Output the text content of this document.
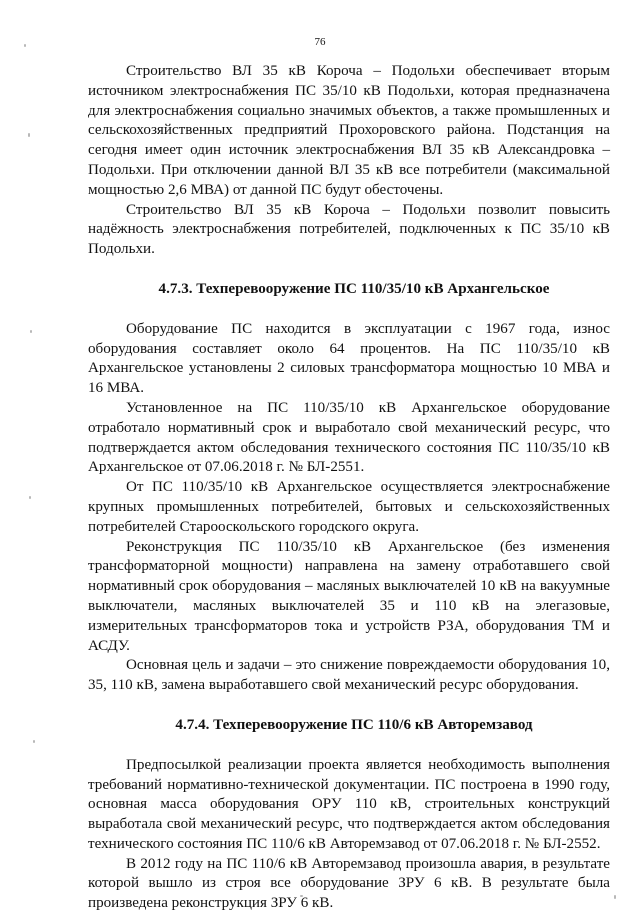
76

Строительство ВЛ 35 кВ Короча – Подольхи обеспечивает вторым источником электроснабжения ПС 35/10 кВ Подольхи, которая предназначена для электроснабжения социально значимых объектов, а также промышленных и сельскохозяйственных предприятий Прохоровского района. Подстанция на сегодня имеет один источник электроснабжения ВЛ 35 кВ Александровка – Подольхи. При отключении данной ВЛ 35 кВ все потребители (максимальной мощностью 2,6 МВА) от данной ПС будут обесточены.

Строительство ВЛ 35 кВ Короча – Подольхи позволит повысить надёжность электроснабжения потребителей, подключенных к ПС 35/10 кВ Подольхи.

4.7.3. Техперевооружение ПС 110/35/10 кВ Архангельское

Оборудование ПС находится в эксплуатации с 1967 года, износ оборудования составляет около 64 процентов. На ПС 110/35/10 кВ Архангельское установлены 2 силовых трансформатора мощностью 10 МВА и 16 МВА.

Установленное на ПС 110/35/10 кВ Архангельское оборудование отработало нормативный срок и выработало свой механический ресурс, что подтверждается актом обследования технического состояния ПС 110/35/10 кВ Архангельское от 07.06.2018 г. № БЛ-2551.

От ПС 110/35/10 кВ Архангельское осуществляется электроснабжение крупных промышленных потребителей, бытовых и сельскохозяйственных потребителей Старооскольского городского округа.

Реконструкция ПС 110/35/10 кВ Архангельское (без изменения трансформаторной мощности) направлена на замену отработавшего свой нормативный срок оборудования – масляных выключателей 10 кВ на вакуумные выключатели, масляных выключателей 35 и 110 кВ на элегазовые, измерительных трансформаторов тока и устройств РЗА, оборудования ТМ и АСДУ.

Основная цель и задачи – это снижение повреждаемости оборудования 10, 35, 110 кВ, замена выработавшего свой механический ресурс оборудования.

4.7.4. Техперевооружение ПС 110/6 кВ Авторемзавод

Предпосылкой реализации проекта является необходимость выполнения требований нормативно-технической документации. ПС построена в 1990 году, основная масса оборудования ОРУ 110 кВ, строительных конструкций выработала свой механический ресурс, что подтверждается актом обследования технического состояния ПС 110/6 кВ Авторемзавод от 07.06.2018 г. № БЛ-2552.

В 2012 году на ПС 110/6 кВ Авторемзавод произошла авария, в результате которой вышло из строя все оборудование ЗРУ 6 кВ. В результате была произведена реконструкция ЗРУ 6 кВ.
